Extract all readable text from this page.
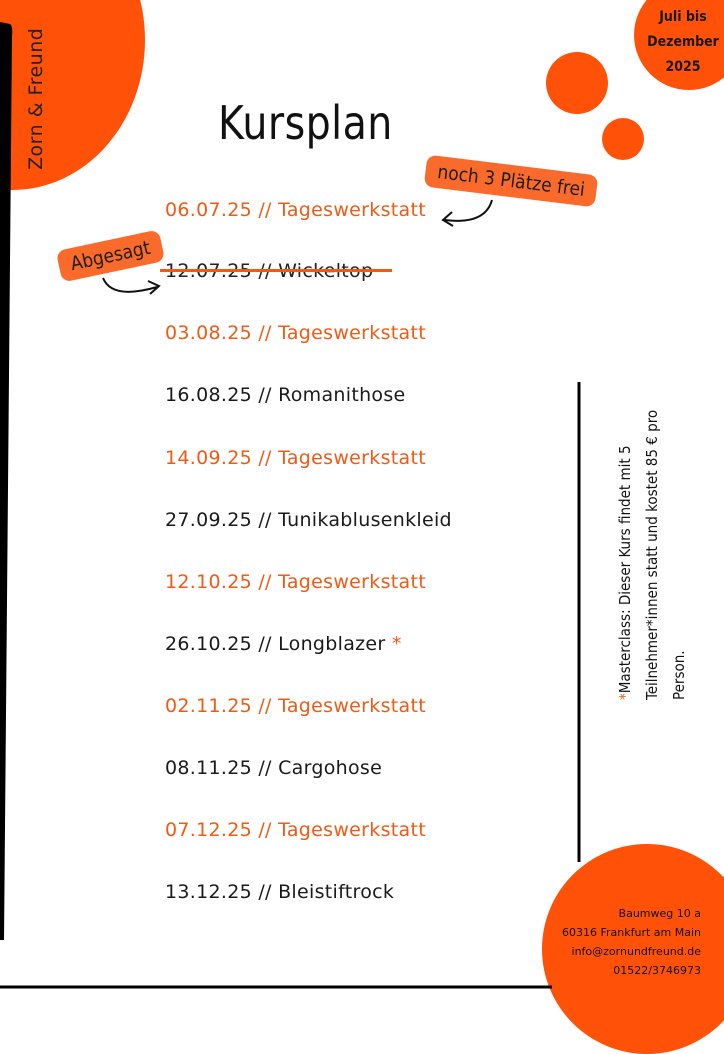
Zorn & Freund
Juli bis
Dezember
2025
Kursplan
06.07.25 // Tageswerkstatt
03.08.25 // Tageswerkstatt
16.08.25 // Romanithose
14.09.25 // Tageswerkstatt
27.09.25 // Tunikablusenkleid
12.10.25 // Tageswerkstatt
26.10.25 // Longblazer *
02.11.25 // Tageswerkstatt
08.11.25 // Cargohose
07.12.25 // Tageswerkstatt
13.12.25 // Bleistiftrock
noch 3 Plätze frei
Abgesagt
*Masterclass: Dieser Kurs findet mit 5 Teilnehmer*innen statt und kostet 85 € pro Person.
Baumweg 10 a
60316 Frankfurt am Main
info@zornundfreund.de
01522/3746973
